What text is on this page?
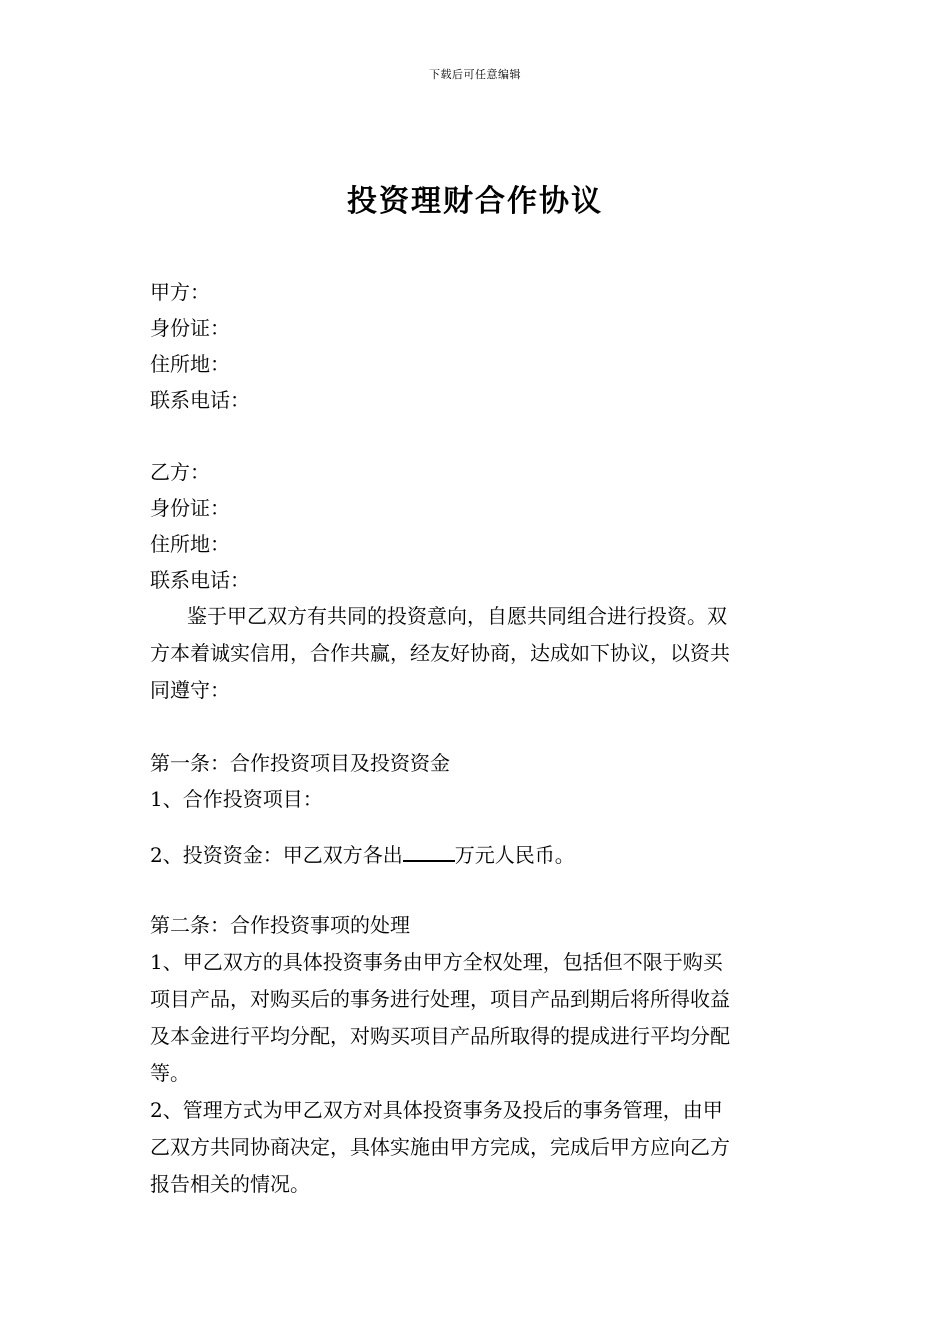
下载后可任意编辑
投资理财合作协议
甲方：
身份证：
住所地：
联系电话：
乙方：
身份证：
住所地：
联系电话：
鉴于甲乙双方有共同的投资意向，自愿共同组合进行投资。双
方本着诚实信用，合作共赢，经友好协商，达成如下协议，以资共
同遵守：
第一条：合作投资项目及投资资金
1、合作投资项目：
2、投资资金：甲乙双方各出	万元人民币。
第二条：合作投资事项的处理
1、甲乙双方的具体投资事务由甲方全权处理，包括但不限于购买
项目产品，对购买后的事务进行处理，项目产品到期后将所得收益
及本金进行平均分配，对购买项目产品所取得的提成进行平均分配
等。
2、管理方式为甲乙双方对具体投资事务及投后的事务管理，由甲
乙双方共同协商决定，具体实施由甲方完成，完成后甲方应向乙方
报告相关的情况。
